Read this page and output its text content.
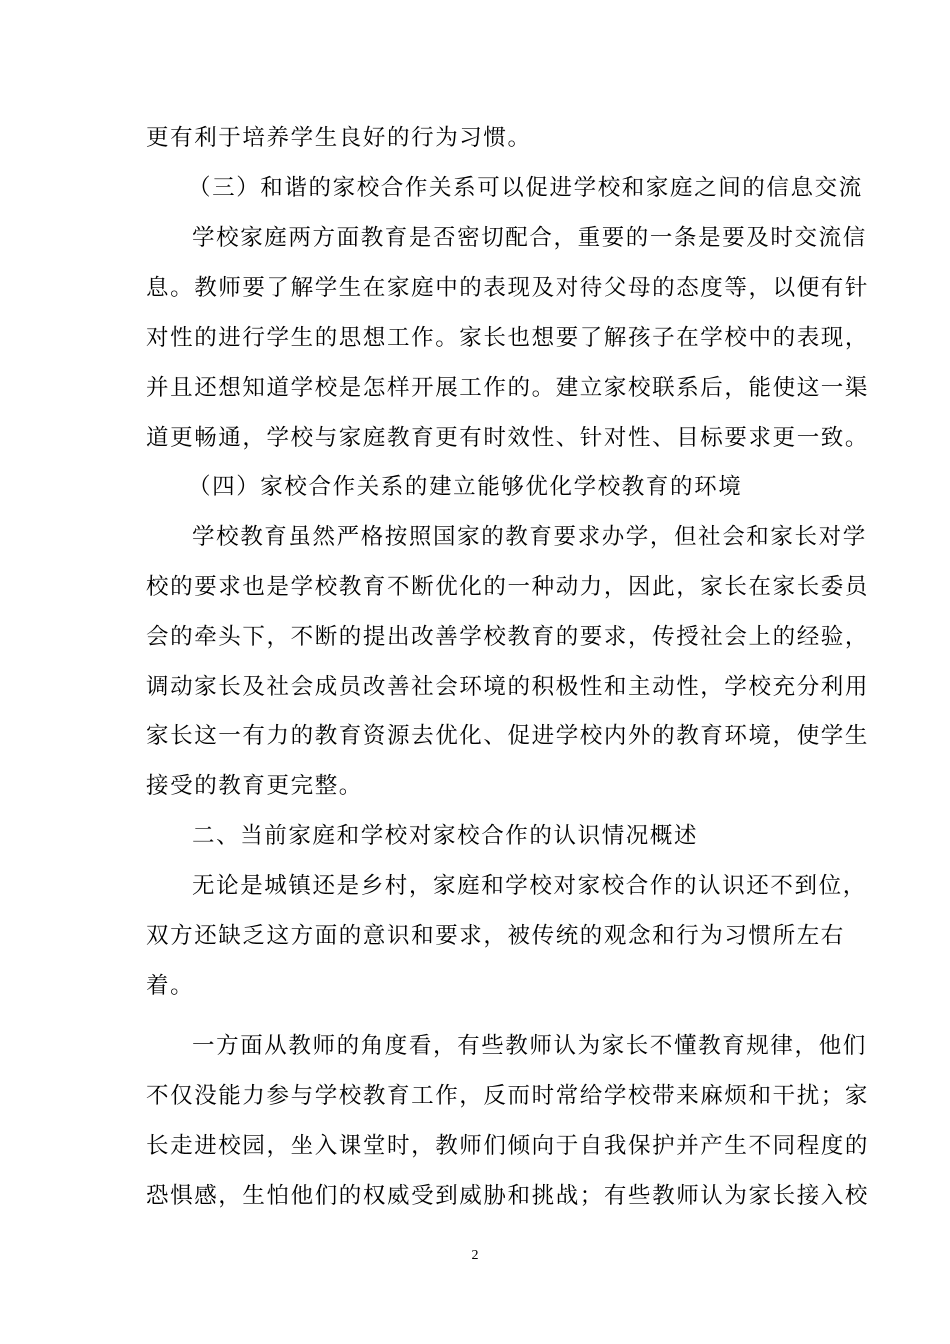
更有利于培养学生良好的行为习惯。
（三）和谐的家校合作关系可以促进学校和家庭之间的信息交流
学校家庭两方面教育是否密切配合，重要的一条是要及时交流信
息。教师要了解学生在家庭中的表现及对待父母的态度等，以便有针
对性的进行学生的思想工作。家长也想要了解孩子在学校中的表现，
并且还想知道学校是怎样开展工作的。建立家校联系后，能使这一渠
道更畅通，学校与家庭教育更有时效性、针对性、目标要求更一致。
（四）家校合作关系的建立能够优化学校教育的环境
学校教育虽然严格按照国家的教育要求办学，但社会和家长对学
校的要求也是学校教育不断优化的一种动力，因此，家长在家长委员
会的牵头下，不断的提出改善学校教育的要求，传授社会上的经验，
调动家长及社会成员改善社会环境的积极性和主动性，学校充分利用
家长这一有力的教育资源去优化、促进学校内外的教育环境，使学生
接受的教育更完整。
二、当前家庭和学校对家校合作的认识情况概述
无论是城镇还是乡村，家庭和学校对家校合作的认识还不到位，
双方还缺乏这方面的意识和要求，被传统的观念和行为习惯所左右
着。
一方面从教师的角度看，有些教师认为家长不懂教育规律，他们
不仅没能力参与学校教育工作，反而时常给学校带来麻烦和干扰；家
长走进校园，坐入课堂时，教师们倾向于自我保护并产生不同程度的
恐惧感，生怕他们的权威受到威胁和挑战；有些教师认为家长接入校
2
